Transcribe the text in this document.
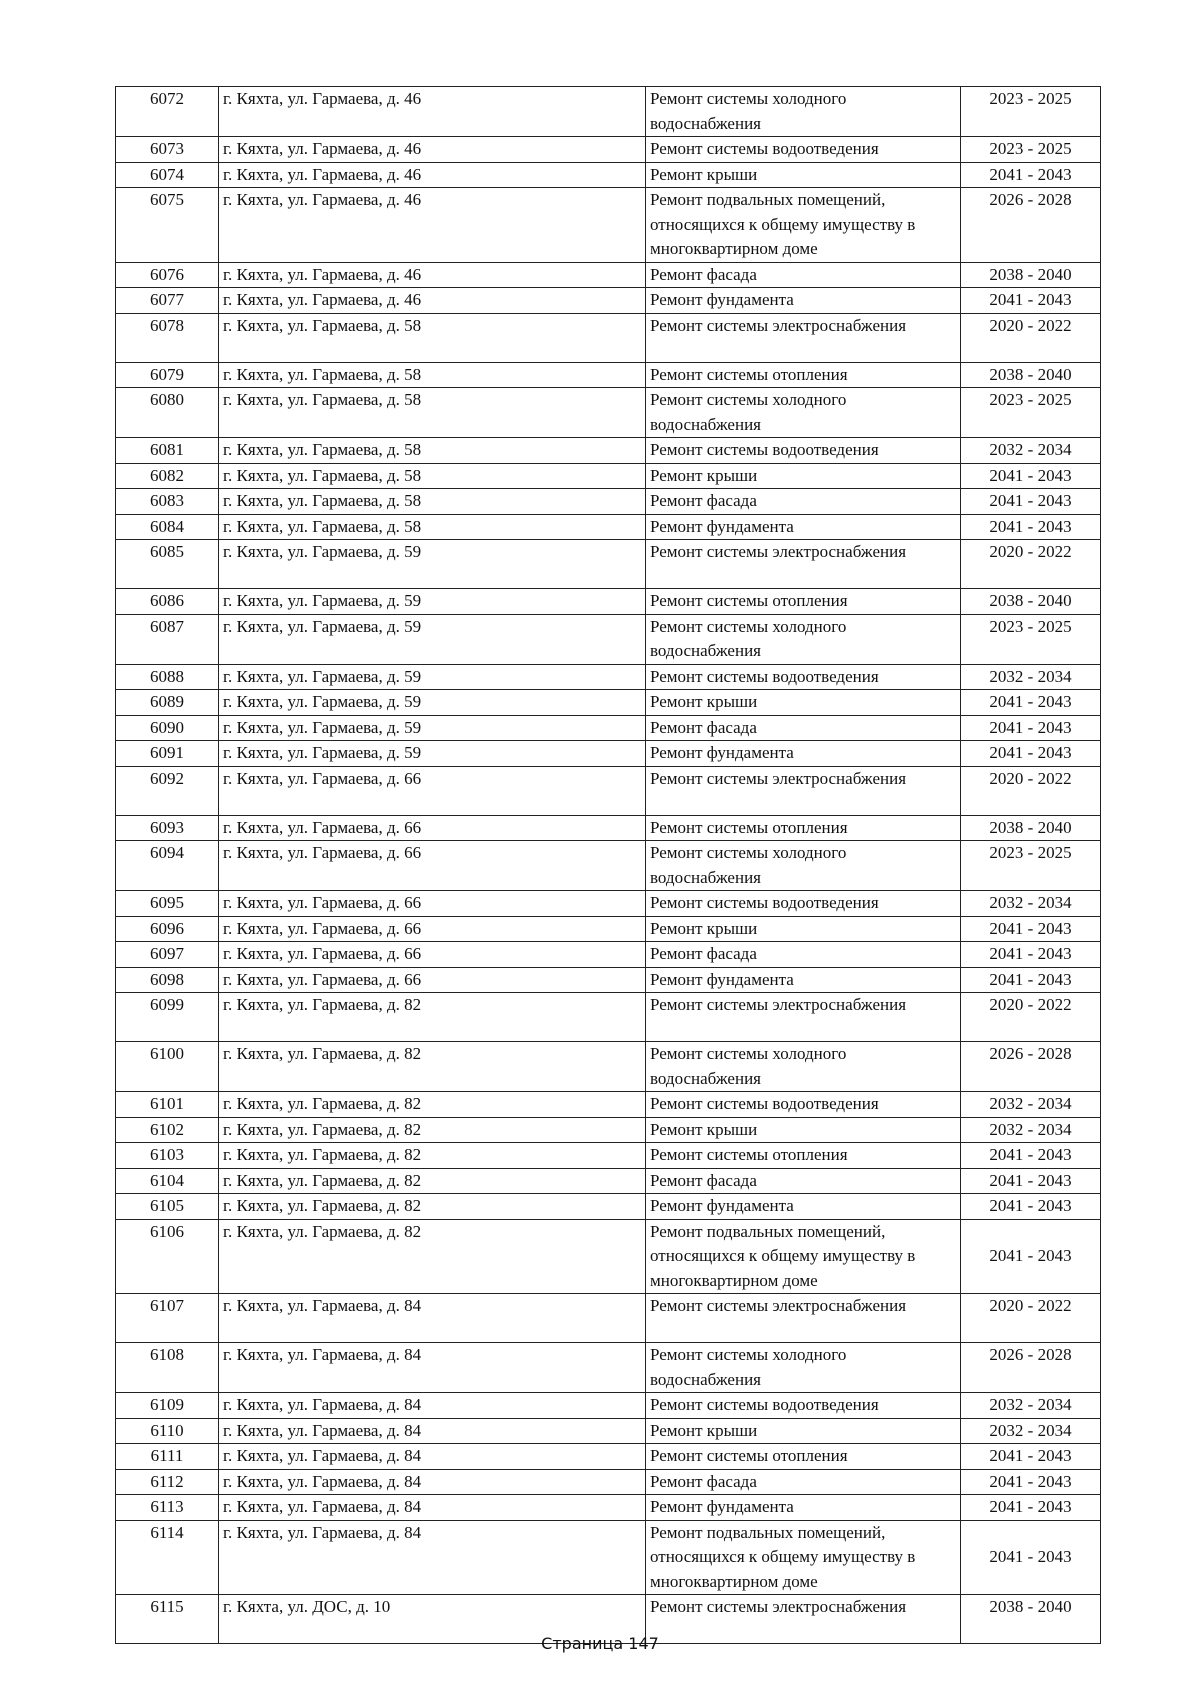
6072	г. Кяхта, ул. Гармаева, д. 46	Ремонт системы холодного водоснабжения	2023 - 2025
6073	г. Кяхта, ул. Гармаева, д. 46	Ремонт системы водоотведения	2023 - 2025
6074	г. Кяхта, ул. Гармаева, д. 46	Ремонт крыши	2041 - 2043
6075	г. Кяхта, ул. Гармаева, д. 46	Ремонт подвальных помещений, относящихся к общему имуществу в многоквартирном доме	2026 - 2028
6076	г. Кяхта, ул. Гармаева, д. 46	Ремонт фасада	2038 - 2040
6077	г. Кяхта, ул. Гармаева, д. 46	Ремонт фундамента	2041 - 2043
6078	г. Кяхта, ул. Гармаева, д. 58	Ремонт системы электроснабжения	2020 - 2022
6079	г. Кяхта, ул. Гармаева, д. 58	Ремонт системы отопления	2038 - 2040
6080	г. Кяхта, ул. Гармаева, д. 58	Ремонт системы холодного водоснабжения	2023 - 2025
6081	г. Кяхта, ул. Гармаева, д. 58	Ремонт системы водоотведения	2032 - 2034
6082	г. Кяхта, ул. Гармаева, д. 58	Ремонт крыши	2041 - 2043
6083	г. Кяхта, ул. Гармаева, д. 58	Ремонт фасада	2041 - 2043
6084	г. Кяхта, ул. Гармаева, д. 58	Ремонт фундамента	2041 - 2043
6085	г. Кяхта, ул. Гармаева, д. 59	Ремонт системы электроснабжения	2020 - 2022
6086	г. Кяхта, ул. Гармаева, д. 59	Ремонт системы отопления	2038 - 2040
6087	г. Кяхта, ул. Гармаева, д. 59	Ремонт системы холодного водоснабжения	2023 - 2025
6088	г. Кяхта, ул. Гармаева, д. 59	Ремонт системы водоотведения	2032 - 2034
6089	г. Кяхта, ул. Гармаева, д. 59	Ремонт крыши	2041 - 2043
6090	г. Кяхта, ул. Гармаева, д. 59	Ремонт фасада	2041 - 2043
6091	г. Кяхта, ул. Гармаева, д. 59	Ремонт фундамента	2041 - 2043
6092	г. Кяхта, ул. Гармаева, д. 66	Ремонт системы электроснабжения	2020 - 2022
6093	г. Кяхта, ул. Гармаева, д. 66	Ремонт системы отопления	2038 - 2040
6094	г. Кяхта, ул. Гармаева, д. 66	Ремонт системы холодного водоснабжения	2023 - 2025
6095	г. Кяхта, ул. Гармаева, д. 66	Ремонт системы водоотведения	2032 - 2034
6096	г. Кяхта, ул. Гармаева, д. 66	Ремонт крыши	2041 - 2043
6097	г. Кяхта, ул. Гармаева, д. 66	Ремонт фасада	2041 - 2043
6098	г. Кяхта, ул. Гармаева, д. 66	Ремонт фундамента	2041 - 2043
6099	г. Кяхта, ул. Гармаева, д. 82	Ремонт системы электроснабжения	2020 - 2022
6100	г. Кяхта, ул. Гармаева, д. 82	Ремонт системы холодного водоснабжения	2026 - 2028
6101	г. Кяхта, ул. Гармаева, д. 82	Ремонт системы водоотведения	2032 - 2034
6102	г. Кяхта, ул. Гармаева, д. 82	Ремонт крыши	2032 - 2034
6103	г. Кяхта, ул. Гармаева, д. 82	Ремонт системы отопления	2041 - 2043
6104	г. Кяхта, ул. Гармаева, д. 82	Ремонт фасада	2041 - 2043
6105	г. Кяхта, ул. Гармаева, д. 82	Ремонт фундамента	2041 - 2043
6106	г. Кяхта, ул. Гармаева, д. 82	Ремонт подвальных помещений, относящихся к общему имуществу в многоквартирном доме	2041 - 2043
6107	г. Кяхта, ул. Гармаева, д. 84	Ремонт системы электроснабжения	2020 - 2022
6108	г. Кяхта, ул. Гармаева, д. 84	Ремонт системы холодного водоснабжения	2026 - 2028
6109	г. Кяхта, ул. Гармаева, д. 84	Ремонт системы водоотведения	2032 - 2034
6110	г. Кяхта, ул. Гармаева, д. 84	Ремонт крыши	2032 - 2034
6111	г. Кяхта, ул. Гармаева, д. 84	Ремонт системы отопления	2041 - 2043
6112	г. Кяхта, ул. Гармаева, д. 84	Ремонт фасада	2041 - 2043
6113	г. Кяхта, ул. Гармаева, д. 84	Ремонт фундамента	2041 - 2043
6114	г. Кяхта, ул. Гармаева, д. 84	Ремонт подвальных помещений, относящихся к общему имуществу в многоквартирном доме	2041 - 2043
6115	г. Кяхта, ул. ДОС, д. 10	Ремонт системы электроснабжения	2038 - 2040
Страница 147
